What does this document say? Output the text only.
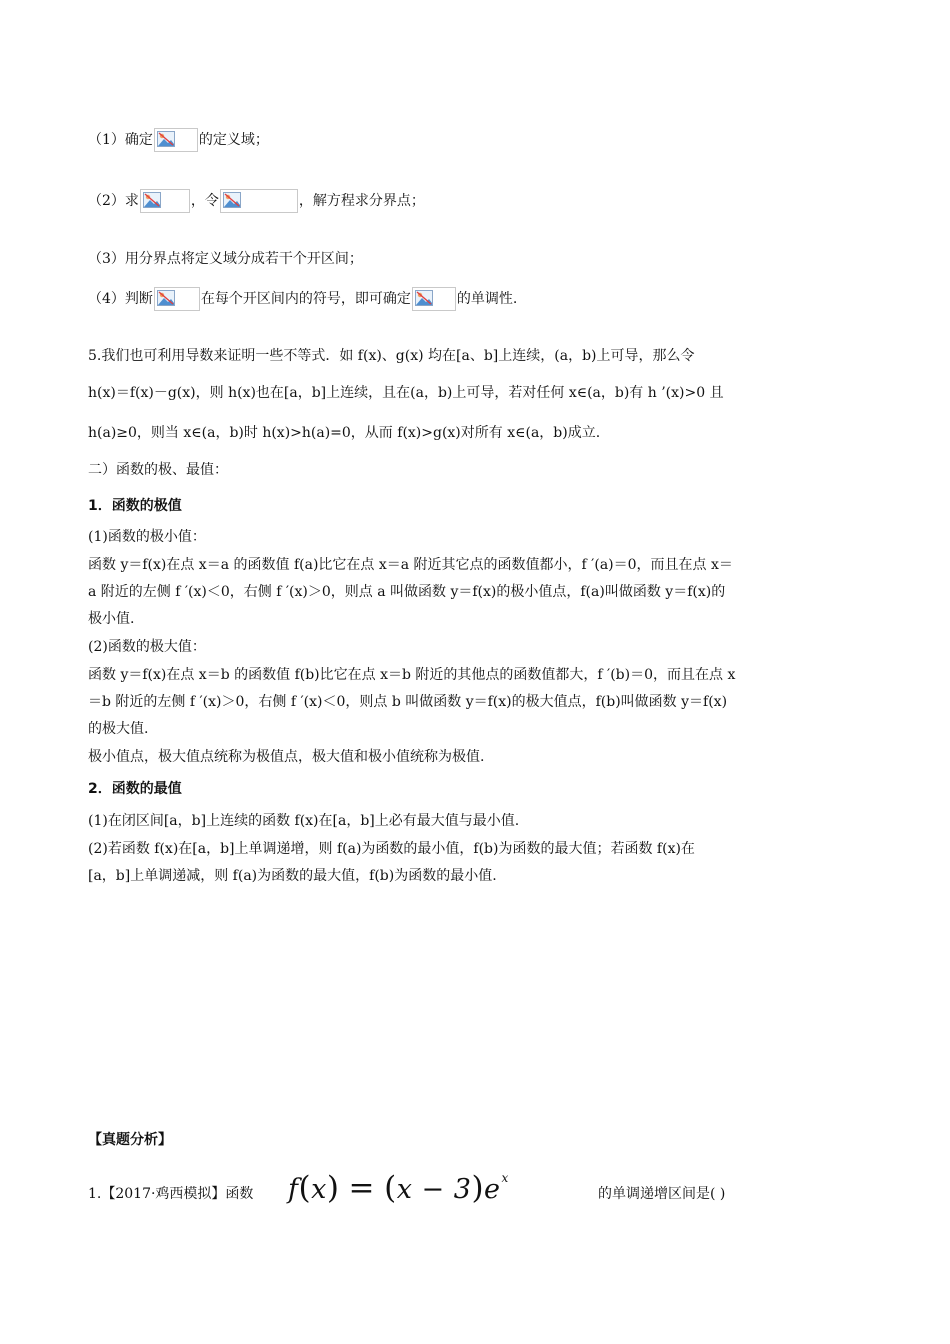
（1）确定	的定义域；
（2）求	，令	，解方程求分界点；
（3）用分界点将定义域分成若干个开区间；
（4）判断	在每个开区间内的符号，即可确定	的单调性.
5.我们也可利用导数来证明一些不等式．如 f(x)、g(x) 均在[a、b]上连续，(a，b)上可导，那么令
h(x)＝f(x)－g(x)，则 h(x)也在[a，b]上连续，且在(a，b)上可导，若对任何 x∈(a，b)有 h ’(x)>0 且
h(a)≥0，则当 x∈(a，b)时 h(x)>h(a)=0，从而 f(x)>g(x)对所有 x∈(a，b)成立.
二）函数的极、最值：
1．函数的极值
(1)函数的极小值：
函数 y＝f(x)在点 x＝a 的函数值 f(a)比它在点 x＝a 附近其它点的函数值都小，f ′(a)＝0，而且在点 x＝
a 附近的左侧 f ′(x)＜0，右侧 f ′(x)＞0，则点 a 叫做函数 y＝f(x)的极小值点，f(a)叫做函数 y＝f(x)的
极小值.
(2)函数的极大值：
函数 y＝f(x)在点 x＝b 的函数值 f(b)比它在点 x＝b 附近的其他点的函数值都大，f ′(b)＝0，而且在点 x
＝b 附近的左侧 f ′(x)＞0，右侧 f ′(x)＜0，则点 b 叫做函数 y＝f(x)的极大值点，f(b)叫做函数 y＝f(x)
的极大值.
极小值点，极大值点统称为极值点，极大值和极小值统称为极值.
2．函数的最值
(1)在闭区间[a，b]上连续的函数 f(x)在[a，b]上必有最大值与最小值.
(2)若函数 f(x)在[a，b]上单调递增，则 f(a)为函数的最小值，f(b)为函数的最大值；若函数 f(x)在
[a，b]上单调递减，则 f(a)为函数的最大值，f(b)为函数的最小值.
【真题分析】
1.【2017·鸡西模拟】函数 $f(x) = (x - 3)e^x$
的单调递增区间是( )
